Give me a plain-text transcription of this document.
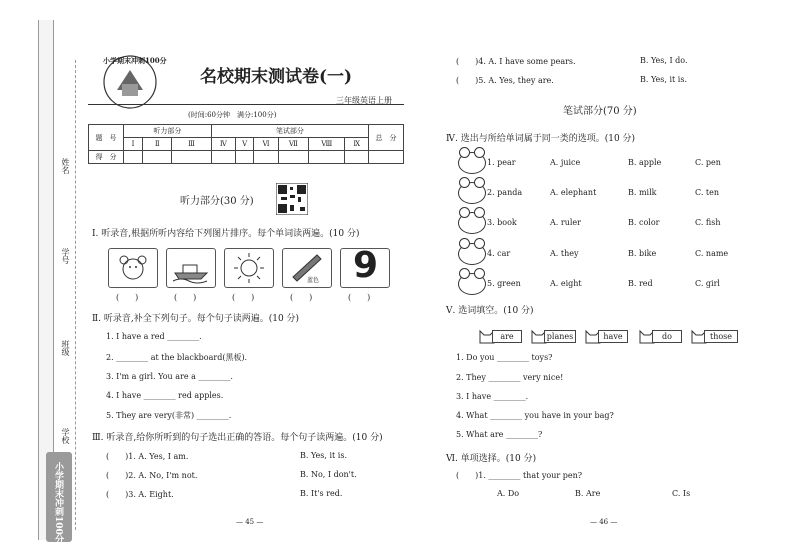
姓名
学号
班级
学校
小学期末冲刺100分
小学期末冲刺100分
名校期末测试卷(一)
三年级英语上册
(时间:60分钟　满分:100分)
题　号	听力部分			笔试部分						总　分
	Ⅰ	Ⅱ	Ⅲ	Ⅳ	Ⅴ	Ⅵ	Ⅶ	Ⅷ	Ⅸ	
得　分										
听力部分(30 分)
Ⅰ. 听录音,根据所听内容给下列图片排序。每个单词读两遍。(10 分)
蓝色 9
(　　)	(　　)	(　　)	(　　)	(　　)
Ⅱ. 听录音,补全下列句子。每个句子读两遍。(10 分)
1. I have a red ________.
2. ________ at the blackboard(黑板).
3. I'm a girl. You are a ________.
4. I have ________ red apples.
5. They are very(非常) ________.
Ⅲ. 听录音,给你所听到的句子选出正确的答语。每个句子读两遍。(10 分)
(　　)1. A. Yes, I am.	B. Yes, it is.
(　　)2. A. No, I'm not.	B. No, I don't.
(　　)3. A. Eight.	B. It's red.
— 45 —
(　　)4. A. I have some pears.	B. Yes, I do.
(　　)5. A. Yes, they are.	B. Yes, it is.
笔试部分(70 分)
Ⅳ. 选出与所给单词属于同一类的选项。(10 分)
1. pear	A. juice	B. apple	C. pen
2. panda	A. elephant	B. milk	C. ten
3. book	A. ruler	B. color	C. fish
4. car	A. they	B. bike	C. name
5. green	A. eight	B. red	C. girl
Ⅴ. 选词填空。(10 分)
are	planes	have	do	those
1. Do you ________ toys?
2. They ________ very nice!
3. I have ________.
4. What ________ you have in your bag?
5. What are ________?
Ⅵ. 单项选择。(10 分)
(　　)1. ________ that your pen?
A. Do	B. Are	C. Is
— 46 —
